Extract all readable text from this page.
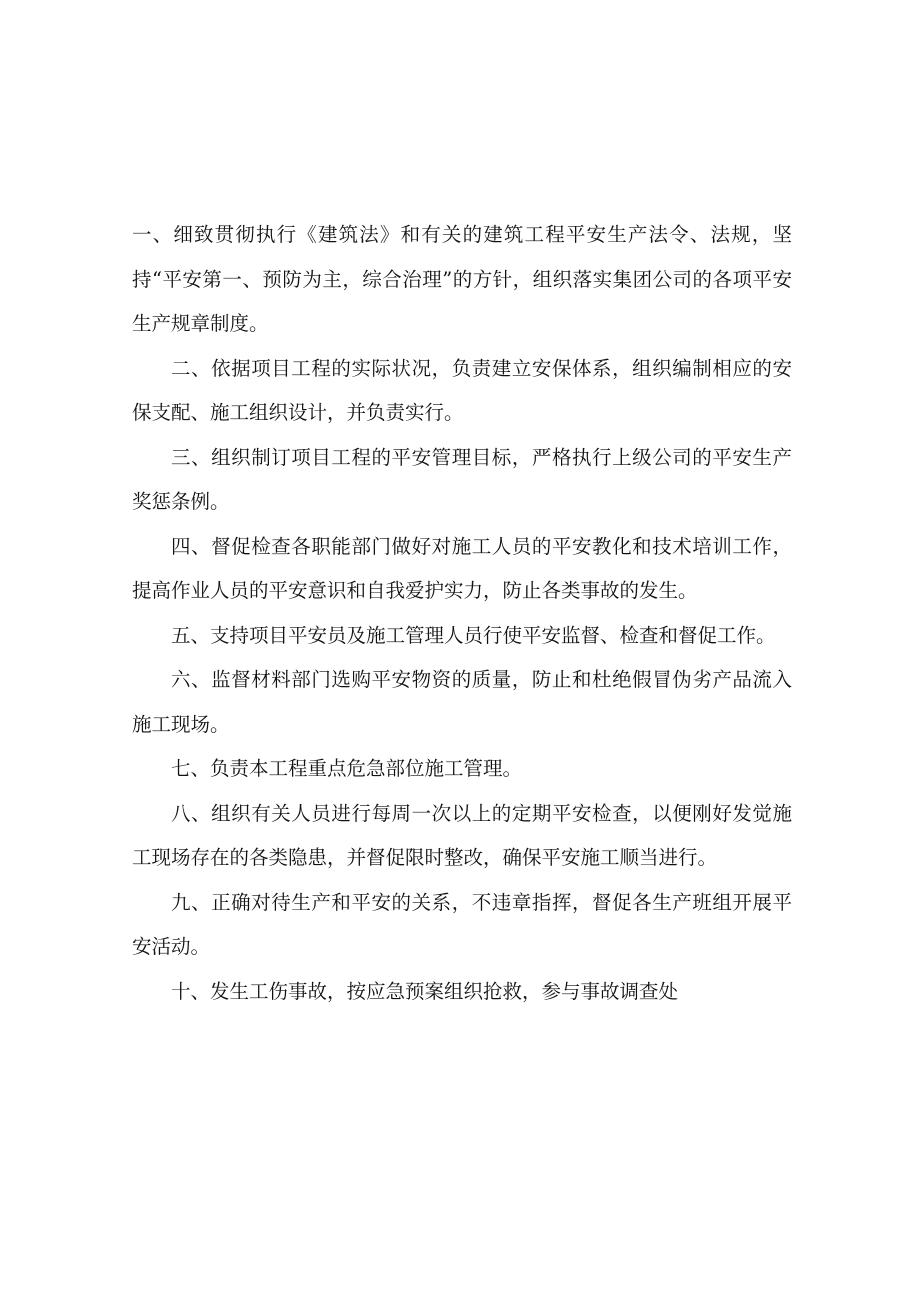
一、细致贯彻执行《建筑法》和有关的建筑工程平安生产法令、法规，坚持“平安第一、预防为主，综合治理”的方针，组织落实集团公司的各项平安生产规章制度。

二、依据项目工程的实际状况，负责建立安保体系，组织编制相应的安保支配、施工组织设计，并负责实行。

三、组织制订项目工程的平安管理目标，严格执行上级公司的平安生产奖惩条例。

四、督促检查各职能部门做好对施工人员的平安教化和技术培训工作，提高作业人员的平安意识和自我爱护实力，防止各类事故的发生。

五、支持项目平安员及施工管理人员行使平安监督、检查和督促工作。

六、监督材料部门选购平安物资的质量，防止和杜绝假冒伪劣产品流入施工现场。

七、负责本工程重点危急部位施工管理。

八、组织有关人员进行每周一次以上的定期平安检查，以便刚好发觉施工现场存在的各类隐患，并督促限时整改，确保平安施工顺当进行。

九、正确对待生产和平安的关系，不违章指挥，督促各生产班组开展平安活动。

十、发生工伤事故，按应急预案组织抢救，参与事故调查处
